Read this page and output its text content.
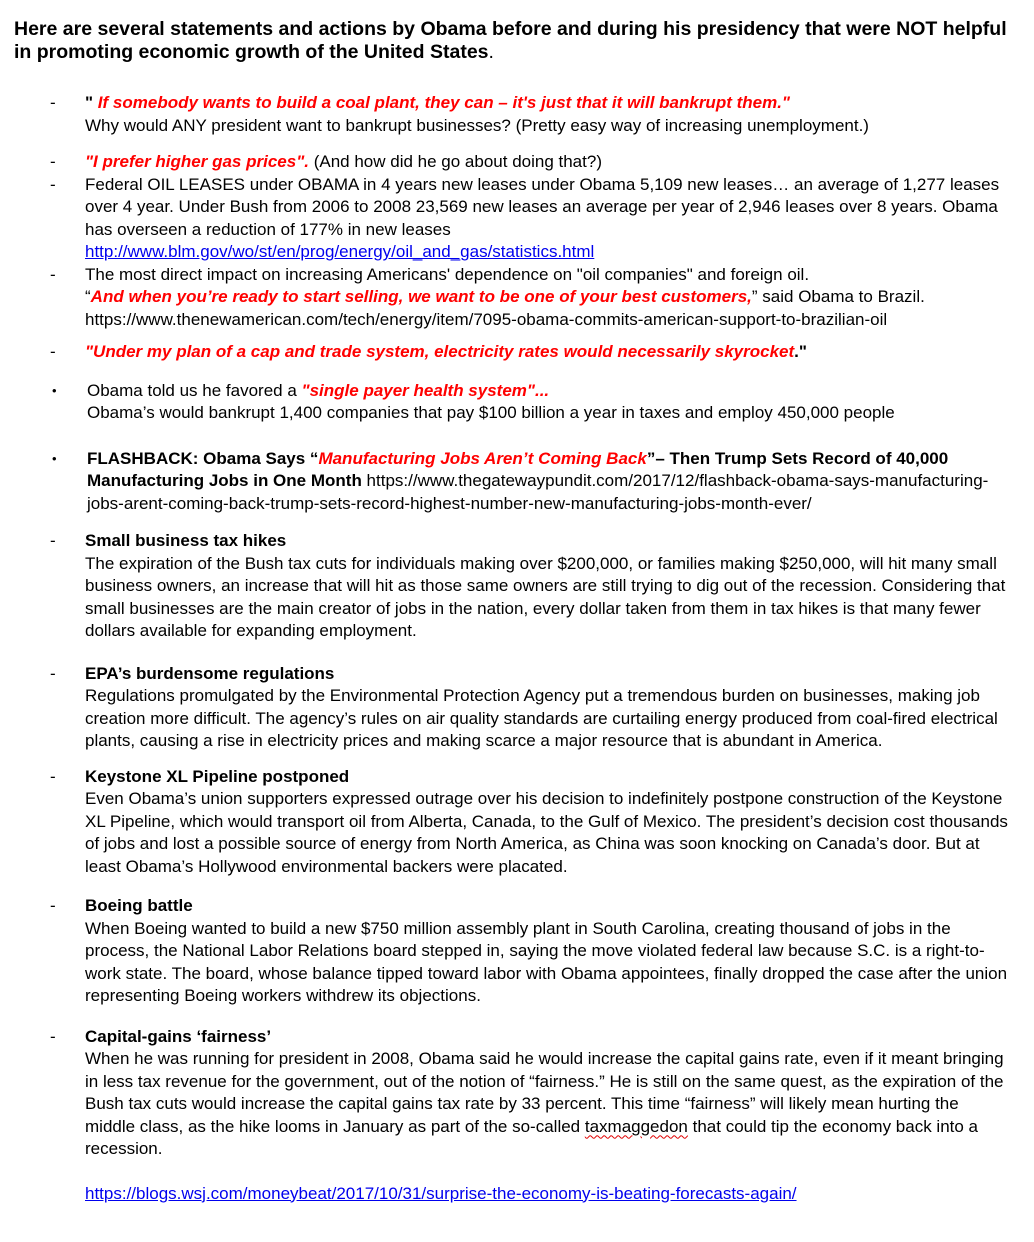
Here are several statements and actions by Obama before and during his presidency that were NOT helpful in promoting economic growth of the United States.

-	" If somebody wants to build a coal plant, they can – it's just that it will bankrupt them."
Why would ANY president want to bankrupt businesses? (Pretty easy way of increasing unemployment.)
-	"I prefer higher gas prices". (And how did he go about doing that?)
-	Federal OIL LEASES under OBAMA in 4 years new leases under Obama 5,109 new leases… an average of 1,277 leases over 4 year. Under Bush from 2006 to 2008 23,569 new leases an average per year of 2,946 leases over 8 years. Obama has overseen a reduction of 177% in new leases
http://www.blm.gov/wo/st/en/prog/energy/oil_and_gas/statistics.html
-	The most direct impact on increasing Americans' dependence on "oil companies" and foreign oil.
“And when you’re ready to start selling, we want to be one of your best customers,” said Obama to Brazil.
https://www.thenewamerican.com/tech/energy/item/7095-obama-commits-american-support-to-brazilian-oil
-	"Under my plan of a cap and trade system, electricity rates would necessarily skyrocket."
•	Obama told us he favored a "single payer health system"...
Obama’s would bankrupt 1,400 companies that pay $100 billion a year in taxes and employ 450,000 people
•	FLASHBACK: Obama Says “Manufacturing Jobs Aren’t Coming Back”– Then Trump Sets Record of 40,000 Manufacturing Jobs in One Month https://www.thegatewaypundit.com/2017/12/flashback-obama-says-manufacturing-jobs-arent-coming-back-trump-sets-record-highest-number-new-manufacturing-jobs-month-ever/
-	Small business tax hikes
The expiration of the Bush tax cuts for individuals making over $200,000, or families making $250,000, will hit many small business owners, an increase that will hit as those same owners are still trying to dig out of the recession. Considering that small businesses are the main creator of jobs in the nation, every dollar taken from them in tax hikes is that many fewer dollars available for expanding employment.
-	EPA’s burdensome regulations
Regulations promulgated by the Environmental Protection Agency put a tremendous burden on businesses, making job creation more difficult. The agency’s rules on air quality standards are curtailing energy produced from coal-fired electrical plants, causing a rise in electricity prices and making scarce a major resource that is abundant in America.
-	Keystone XL Pipeline postponed
Even Obama’s union supporters expressed outrage over his decision to indefinitely postpone construction of the Keystone XL Pipeline, which would transport oil from Alberta, Canada, to the Gulf of Mexico. The president’s decision cost thousands of jobs and lost a possible source of energy from North America, as China was soon knocking on Canada’s door. But at least Obama’s Hollywood environmental backers were placated.
-	Boeing battle
When Boeing wanted to build a new $750 million assembly plant in South Carolina, creating thousand of jobs in the process, the National Labor Relations board stepped in, saying the move violated federal law because S.C. is a right-to-work state. The board, whose balance tipped toward labor with Obama appointees, finally dropped the case after the union representing Boeing workers withdrew its objections.
-	Capital-gains ‘fairness’
When he was running for president in 2008, Obama said he would increase the capital gains rate, even if it meant bringing in less tax revenue for the government, out of the notion of “fairness.” He is still on the same quest, as the expiration of the Bush tax cuts would increase the capital gains tax rate by 33 percent. This time “fairness” will likely mean hurting the middle class, as the hike looms in January as part of the so-called taxmaggedon that could tip the economy back into a recession.
https://blogs.wsj.com/moneybeat/2017/10/31/surprise-the-economy-is-beating-forecasts-again/
